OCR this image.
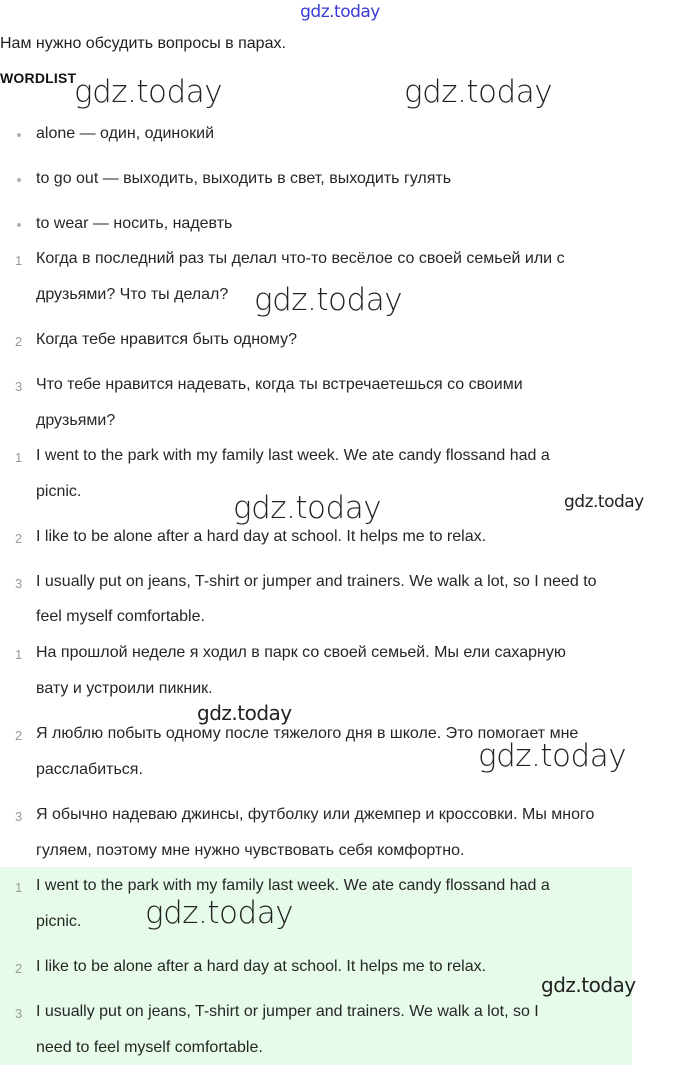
gdz.today
Нам нужно обсудить вопросы в парах.
WORDLIST
alone — один, одинокий
to go out — выходить, выходить в свет, выходить гулять
to wear — носить, надевть
1 Когда в последний раз ты делал что-то весёлое со своей семьей или с
друзьями? Что ты делал?
2 Когда тебе нравится быть одному?
3 Что тебе нравится надевать, когда ты встречаетешься со своими
друзьями?
1 I went to the park with my family last week. We ate candy flossand had a
picnic.
2 I like to be alone after a hard day at school. It helps me to relax.
3 I usually put on jeans, T-shirt or jumper and trainers. We walk a lot, so I need to
feel myself comfortable.
1 На прошлой неделе я ходил в парк со своей семьей. Мы ели сахарную
вату и устроили пикник.
2 Я люблю побыть одному после тяжелого дня в школе. Это помогает мне
расслабиться.
3 Я обычно надеваю джинсы, футболку или джемпер и кроссовки. Мы много
гуляем, поэтому мне нужно чувствовать себя комфортно.
1 I went to the park with my family last week. We ate candy flossand had a
picnic.
2 I like to be alone after a hard day at school. It helps me to relax.
3 I usually put on jeans, T-shirt or jumper and trainers. We walk a lot, so I
need to feel myself comfortable.
gdz.today	gdz.today
gdz.today
gdz.today	gdz.today
gdz.today
gdz.today
gdz.today
gdz.today
